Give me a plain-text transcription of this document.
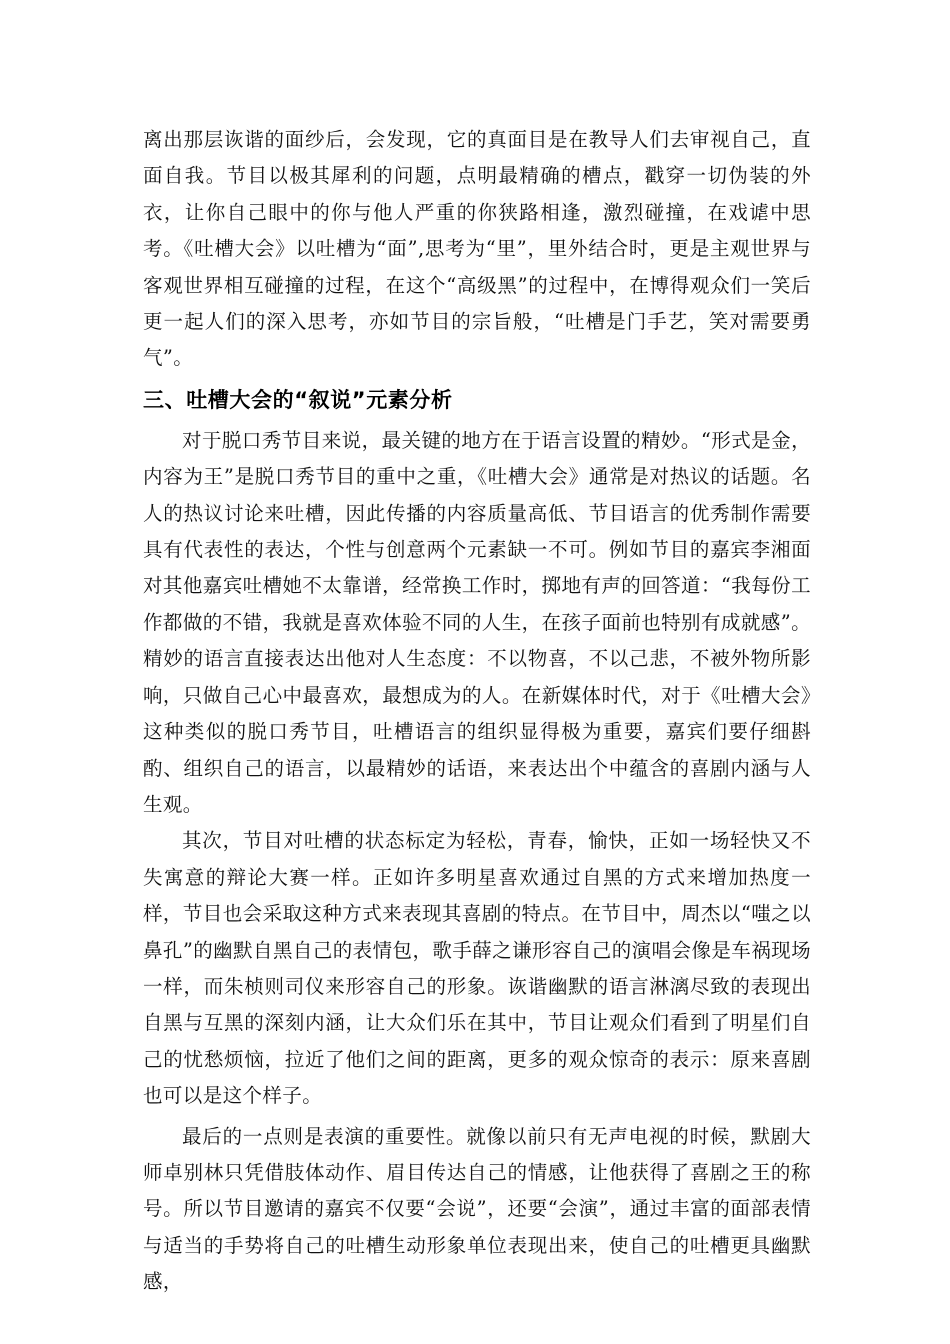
离出那层诙谐的面纱后，会发现，它的真面目是在教导人们去审视自己，直面自我。节目以极其犀利的问题，点明最精确的槽点，戳穿一切伪装的外衣，让你自己眼中的你与他人严重的你狭路相逢，激烈碰撞，在戏谑中思考。《吐槽大会》以吐槽为“面”,思考为“里”，里外结合时，更是主观世界与客观世界相互碰撞的过程，在这个“高级黑”的过程中，在博得观众们一笑后更一起人们的深入思考，亦如节目的宗旨般，“吐槽是门手艺，笑对需要勇气”。

三、吐槽大会的“叙说”元素分析

对于脱口秀节目来说，最关键的地方在于语言设置的精妙。“形式是金，内容为王”是脱口秀节目的重中之重，《吐槽大会》通常是对热议的话题。名人的热议讨论来吐槽，因此传播的内容质量高低、节目语言的优秀制作需要具有代表性的表达，个性与创意两个元素缺一不可。例如节目的嘉宾李湘面对其他嘉宾吐槽她不太靠谱，经常换工作时，掷地有声的回答道：“我每份工作都做的不错，我就是喜欢体验不同的人生，在孩子面前也特别有成就感”。精妙的语言直接表达出他对人生态度：不以物喜，不以己悲，不被外物所影响，只做自己心中最喜欢，最想成为的人。在新媒体时代，对于《吐槽大会》这种类似的脱口秀节目，吐槽语言的组织显得极为重要，嘉宾们要仔细斟酌、组织自己的语言，以最精妙的话语，来表达出个中蕴含的喜剧内涵与人生观。

其次，节目对吐槽的状态标定为轻松，青春，愉快，正如一场轻快又不失寓意的辩论大赛一样。正如许多明星喜欢通过自黑的方式来增加热度一样，节目也会采取这种方式来表现其喜剧的特点。在节目中，周杰以“嗤之以鼻孔”的幽默自黑自己的表情包，歌手薛之谦形容自己的演唱会像是车祸现场一样，而朱桢则司仪来形容自己的形象。诙谐幽默的语言淋漓尽致的表现出自黑与互黑的深刻内涵，让大众们乐在其中，节目让观众们看到了明星们自己的忧愁烦恼，拉近了他们之间的距离，更多的观众惊奇的表示：原来喜剧也可以是这个样子。

最后的一点则是表演的重要性。就像以前只有无声电视的时候，默剧大师卓别林只凭借肢体动作、眉目传达自己的情感，让他获得了喜剧之王的称号。所以节目邀请的嘉宾不仅要“会说”，还要“会演”，通过丰富的面部表情与适当的手势将自己的吐槽生动形象单位表现出来，使自己的吐槽更具幽默感，
